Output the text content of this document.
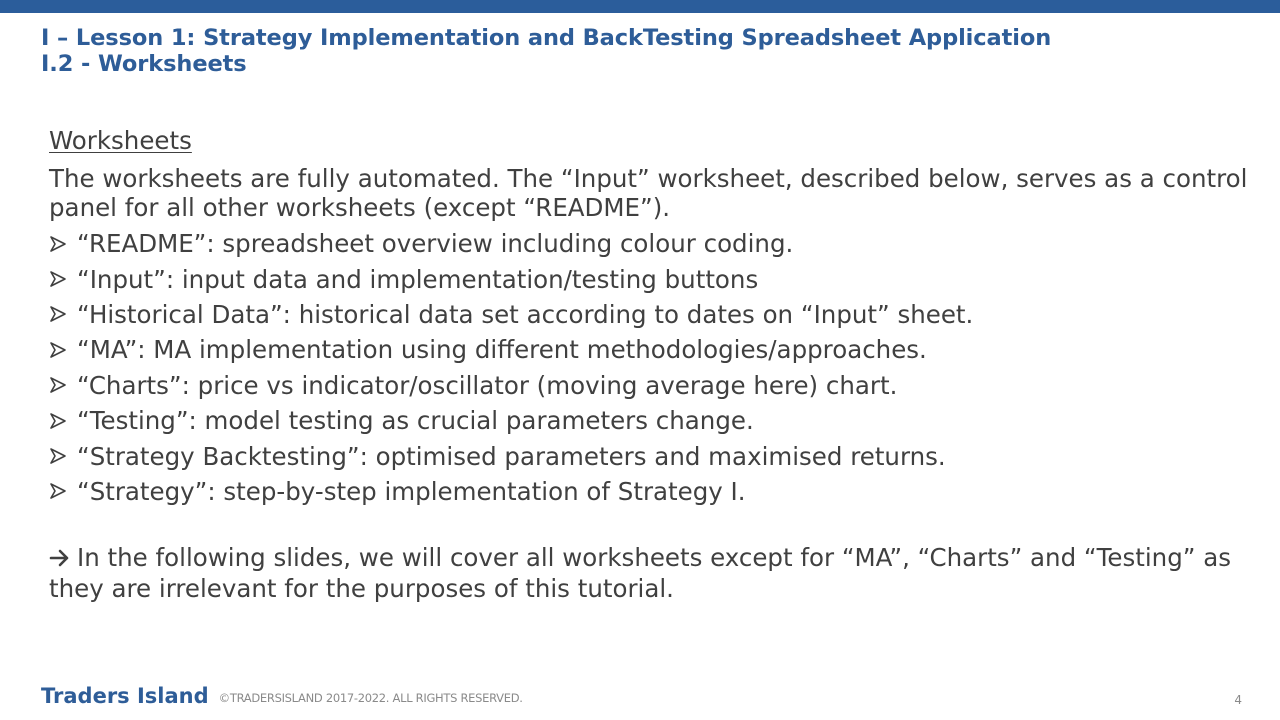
I – Lesson 1: Strategy Implementation and BackTesting Spreadsheet Application
I.2 - Worksheets
Worksheets

The worksheets are fully automated. The “Input” worksheet, described below, serves as a control panel for all other worksheets (except “README”).

“README”: spreadsheet overview including colour coding.
“Input”: input data and implementation/testing buttons
“Historical Data”: historical data set according to dates on “Input” sheet.
“MA”: MA implementation using different methodologies/approaches.
“Charts”: price vs indicator/oscillator (moving average here) chart.
“Testing”: model testing as crucial parameters change.
“Strategy Backtesting”: optimised parameters and maximised returns.
“Strategy”: step-by-step implementation of Strategy I.

In the following slides, we will cover all worksheets except for “MA”, “Charts” and “Testing” as they are irrelevant for the purposes of this tutorial.

Traders Island ©TRADERSISLAND 2017-2022. ALL RIGHTS RESERVED.	4
